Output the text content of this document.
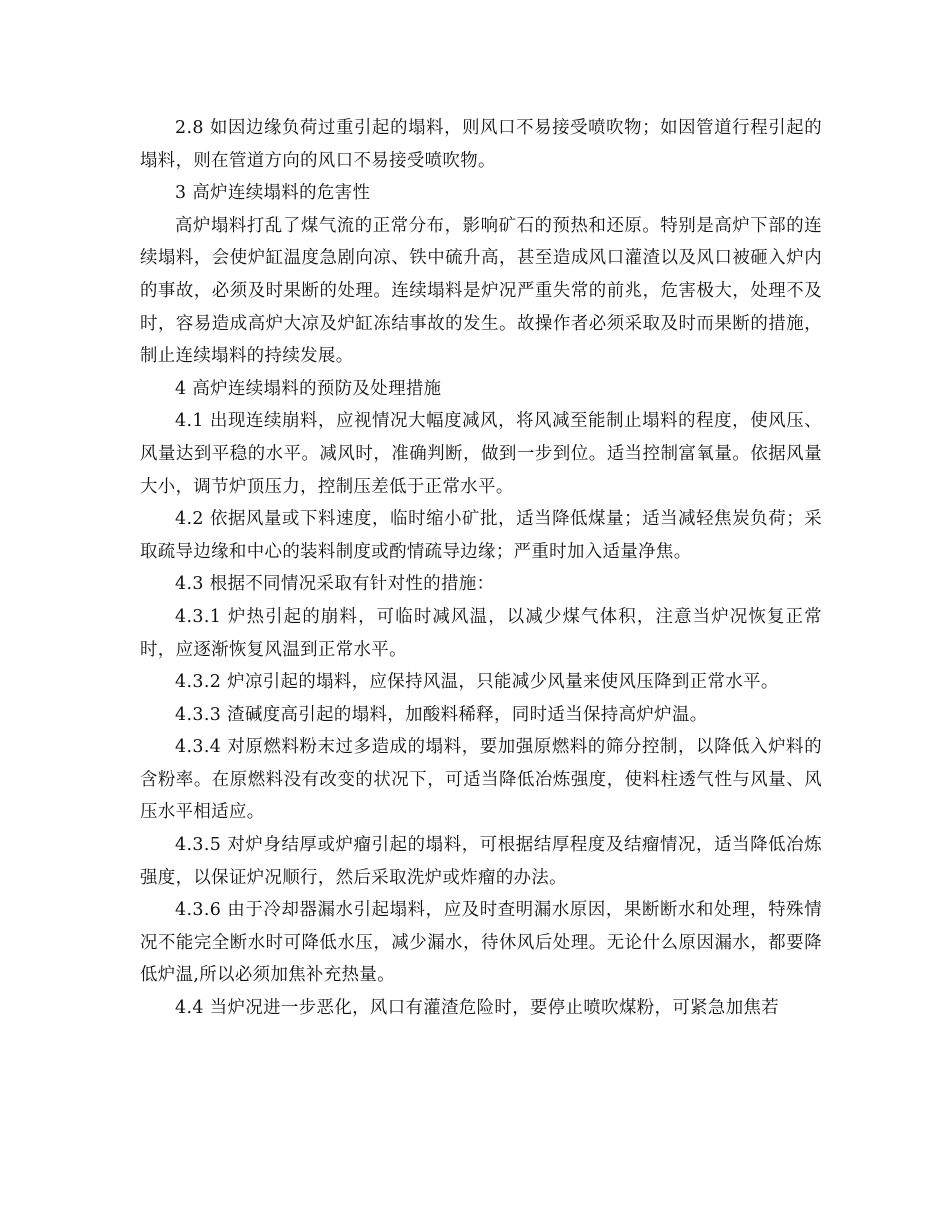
2.8 如因边缘负荷过重引起的塌料，则风口不易接受喷吹物；如因管道行程引起的塌料，则在管道方向的风口不易接受喷吹物。

3 高炉连续塌料的危害性

高炉塌料打乱了煤气流的正常分布，影响矿石的预热和还原。特别是高炉下部的连续塌料，会使炉缸温度急剧向凉、铁中硫升高，甚至造成风口灌渣以及风口被砸入炉内的事故，必须及时果断的处理。连续塌料是炉况严重失常的前兆，危害极大，处理不及时，容易造成高炉大凉及炉缸冻结事故的发生。故操作者必须采取及时而果断的措施，制止连续塌料的持续发展。

4 高炉连续塌料的预防及处理措施

4.1 出现连续崩料，应视情况大幅度减风，将风减至能制止塌料的程度，使风压、风量达到平稳的水平。减风时，准确判断，做到一步到位。适当控制富氧量。依据风量大小，调节炉顶压力，控制压差低于正常水平。

4.2 依据风量或下料速度，临时缩小矿批，适当降低煤量；适当减轻焦炭负荷；采取疏导边缘和中心的装料制度或酌情疏导边缘；严重时加入适量净焦。

4.3 根据不同情况采取有针对性的措施：

4.3.1 炉热引起的崩料，可临时减风温，以减少煤气体积，注意当炉况恢复正常时，应逐渐恢复风温到正常水平。

4.3.2 炉凉引起的塌料，应保持风温，只能减少风量来使风压降到正常水平。

4.3.3 渣碱度高引起的塌料，加酸料稀释，同时适当保持高炉炉温。

4.3.4 对原燃料粉末过多造成的塌料，要加强原燃料的筛分控制，以降低入炉料的含粉率。在原燃料没有改变的状况下，可适当降低冶炼强度，使料柱透气性与风量、风压水平相适应。

4.3.5 对炉身结厚或炉瘤引起的塌料，可根据结厚程度及结瘤情况，适当降低冶炼强度，以保证炉况顺行，然后采取洗炉或炸瘤的办法。

4.3.6 由于冷却器漏水引起塌料，应及时查明漏水原因，果断断水和处理，特殊情况不能完全断水时可降低水压，减少漏水，待休风后处理。无论什么原因漏水，都要降低炉温,所以必须加焦补充热量。

4.4 当炉况进一步恶化，风口有灌渣危险时，要停止喷吹煤粉，可紧急加焦若
